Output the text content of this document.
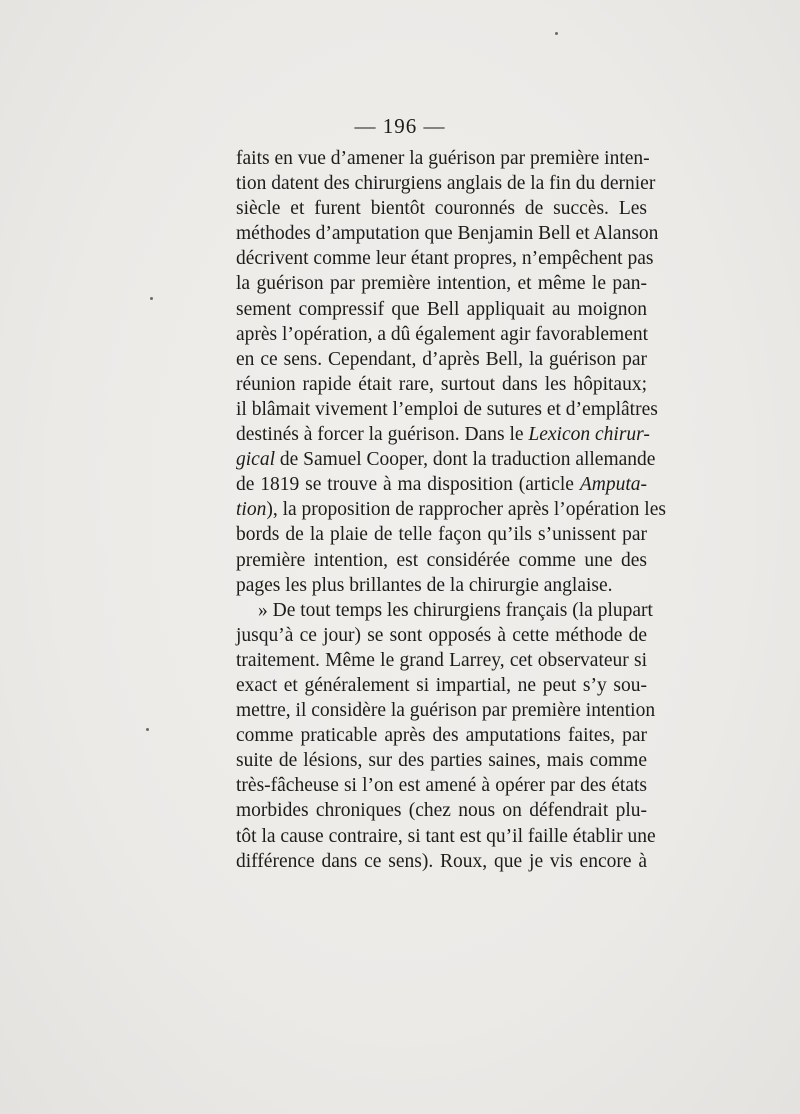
— 196 —
faits en vue d’amener la guérison par première inten-
tion datent des chirurgiens anglais de la fin du dernier
siècle et furent bientôt couronnés de succès. Les
méthodes d’amputation que Benjamin Bell et Alanson
décrivent comme leur étant propres, n’empêchent pas
la guérison par première intention, et même le pan-
sement compressif que Bell appliquait au moignon
après l’opération, a dû également agir favorablement
en ce sens. Cependant, d’après Bell, la guérison par
réunion rapide était rare, surtout dans les hôpitaux;
il blâmait vivement l’emploi de sutures et d’emplâtres
destinés à forcer la guérison. Dans le Lexicon chirur-
gical de Samuel Cooper, dont la traduction allemande
de 1819 se trouve à ma disposition (article Amputa-
tion), la proposition de rapprocher après l’opération les
bords de la plaie de telle façon qu’ils s’unissent par
première intention, est considérée comme une des
pages les plus brillantes de la chirurgie anglaise.
» De tout temps les chirurgiens français (la plupart
jusqu’à ce jour) se sont opposés à cette méthode de
traitement. Même le grand Larrey, cet observateur si
exact et généralement si impartial, ne peut s’y sou-
mettre, il considère la guérison par première intention
comme praticable après des amputations faites, par
suite de lésions, sur des parties saines, mais comme
très-fâcheuse si l’on est amené à opérer par des états
morbides chroniques (chez nous on défendrait plu-
tôt la cause contraire, si tant est qu’il faille établir une
différence dans ce sens). Roux, que je vis encore à
